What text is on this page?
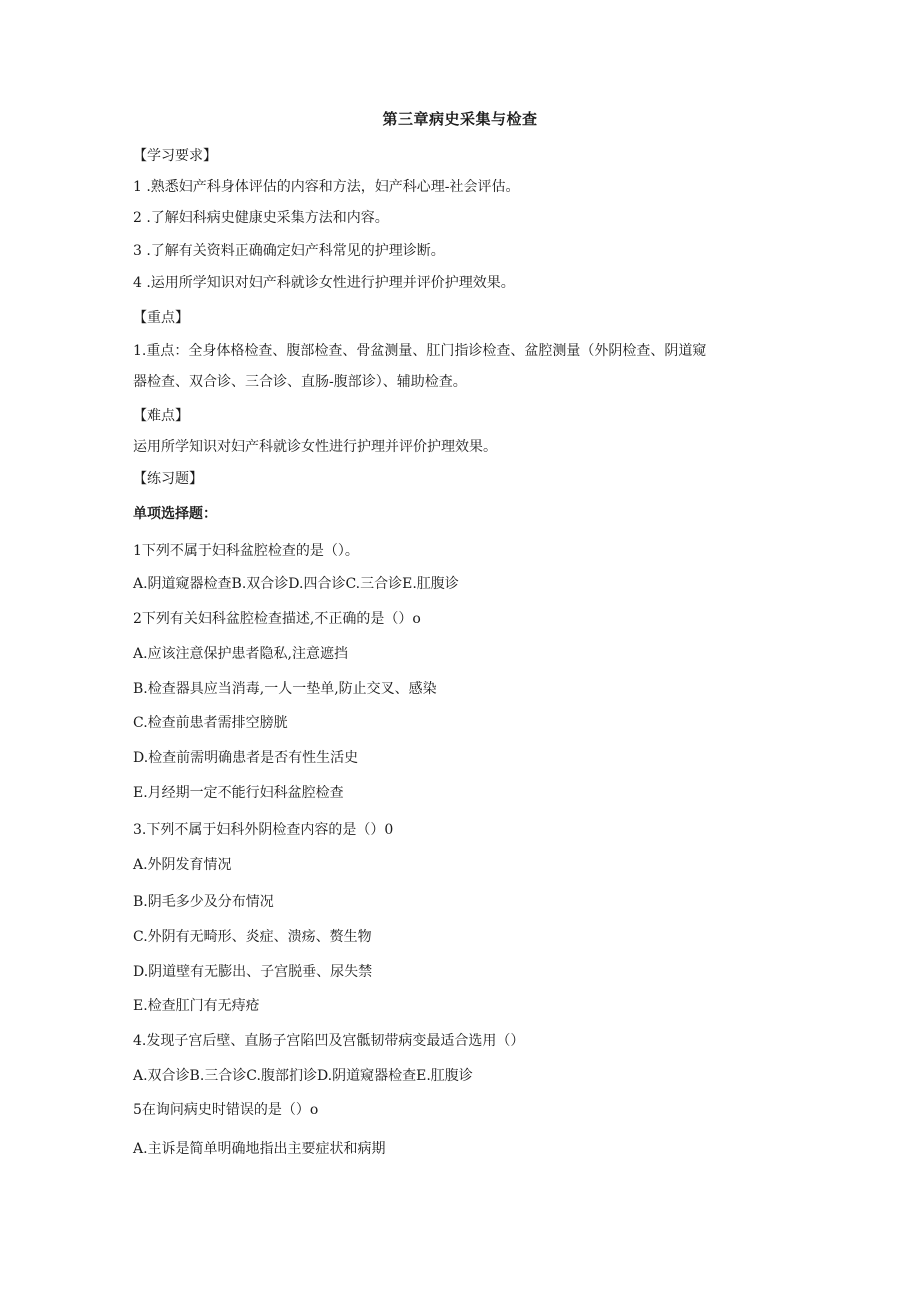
第三章病史采集与检查
【学习要求】
1 .熟悉妇产科身体评估的内容和方法，妇产科心理-社会评估。
2 .了解妇科病史健康史采集方法和内容。
3 .了解有关资料正确确定妇产科常见的护理诊断。
4 .运用所学知识对妇产科就诊女性进行护理并评价护理效果。
【重点】
1.重点：全身体格检查、腹部检查、骨盆测量、肛门指诊检查、盆腔测量（外阴检查、阴道窥
器检查、双合诊、三合诊、直肠-腹部诊）、辅助检查。
【难点】
运用所学知识对妇产科就诊女性进行护理并评价护理效果。
【练习题】
单项选择题：
1下列不属于妇科盆腔检查的是（）。
A.阴道窥器检查B.双合诊D.四合诊C.三合诊E.肛腹诊
2下列有关妇科盆腔检查描述,不正确的是（）o
A.应该注意保护患者隐私,注意遮挡
B.检查器具应当消毒,一人一垫单,防止交叉、感染
C.检查前患者需排空膀胱
D.检查前需明确患者是否有性生活史
E.月经期一定不能行妇科盆腔检查
3.下列不属于妇科外阴检查内容的是（）0
A.外阴发育情况
B.阴毛多少及分布情况
C.外阴有无畸形、炎症、溃疡、赘生物
D.阴道壁有无膨出、子宫脱垂、尿失禁
E.检查肛门有无痔疮
4.发现子宫后壁、直肠子宫陷凹及宫骶韧带病变最适合选用（）
A.双合诊B.三合诊C.腹部扪诊D.阴道窥器检查E.肛腹诊
5在询问病史时错误的是（）o
A.主诉是简单明确地指出主要症状和病期
